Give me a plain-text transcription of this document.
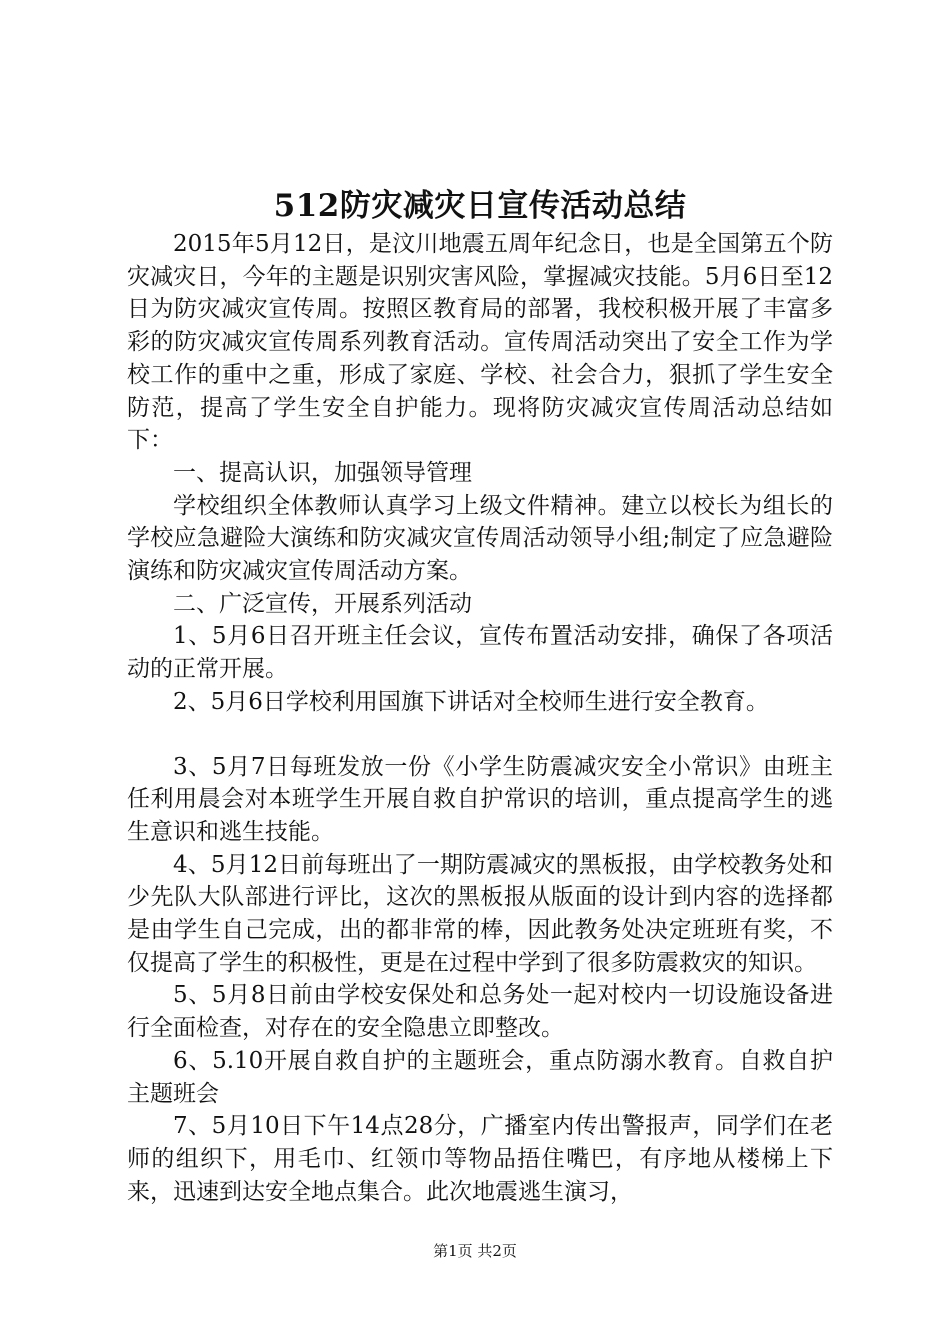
512防灾减灾日宣传活动总结

2015年5月12日，是汶川地震五周年纪念日，也是全国第五个防灾减灾日，今年的主题是识别灾害风险，掌握减灾技能。5月6日至12日为防灾减灾宣传周。按照区教育局的部署，我校积极开展了丰富多彩的防灾减灾宣传周系列教育活动。宣传周活动突出了安全工作为学校工作的重中之重，形成了家庭、学校、社会合力，狠抓了学生安全防范，提高了学生安全自护能力。现将防灾减灾宣传周活动总结如下：

一、提高认识，加强领导管理

学校组织全体教师认真学习上级文件精神。建立以校长为组长的学校应急避险大演练和防灾减灾宣传周活动领导小组;制定了应急避险演练和防灾减灾宣传周活动方案。

二、广泛宣传，开展系列活动

1、5月6日召开班主任会议，宣传布置活动安排，确保了各项活动的正常开展。

2、5月6日学校利用国旗下讲话对全校师生进行安全教育。

3、5月7日每班发放一份《小学生防震减灾安全小常识》由班主任利用晨会对本班学生开展自救自护常识的培训，重点提高学生的逃生意识和逃生技能。

4、5月12日前每班出了一期防震减灾的黑板报，由学校教务处和少先队大队部进行评比，这次的黑板报从版面的设计到内容的选择都是由学生自己完成，出的都非常的棒，因此教务处决定班班有奖，不仅提高了学生的积极性，更是在过程中学到了很多防震救灾的知识。

5、5月8日前由学校安保处和总务处一起对校内一切设施设备进行全面检查，对存在的安全隐患立即整改。

6、5.10开展自救自护的主题班会，重点防溺水教育。自救自护主题班会

7、5月10日下午14点28分，广播室内传出警报声，同学们在老师的组织下，用毛巾、红领巾等物品捂住嘴巴，有序地从楼梯上下来，迅速到达安全地点集合。此次地震逃生演习，

第1页 共2页
